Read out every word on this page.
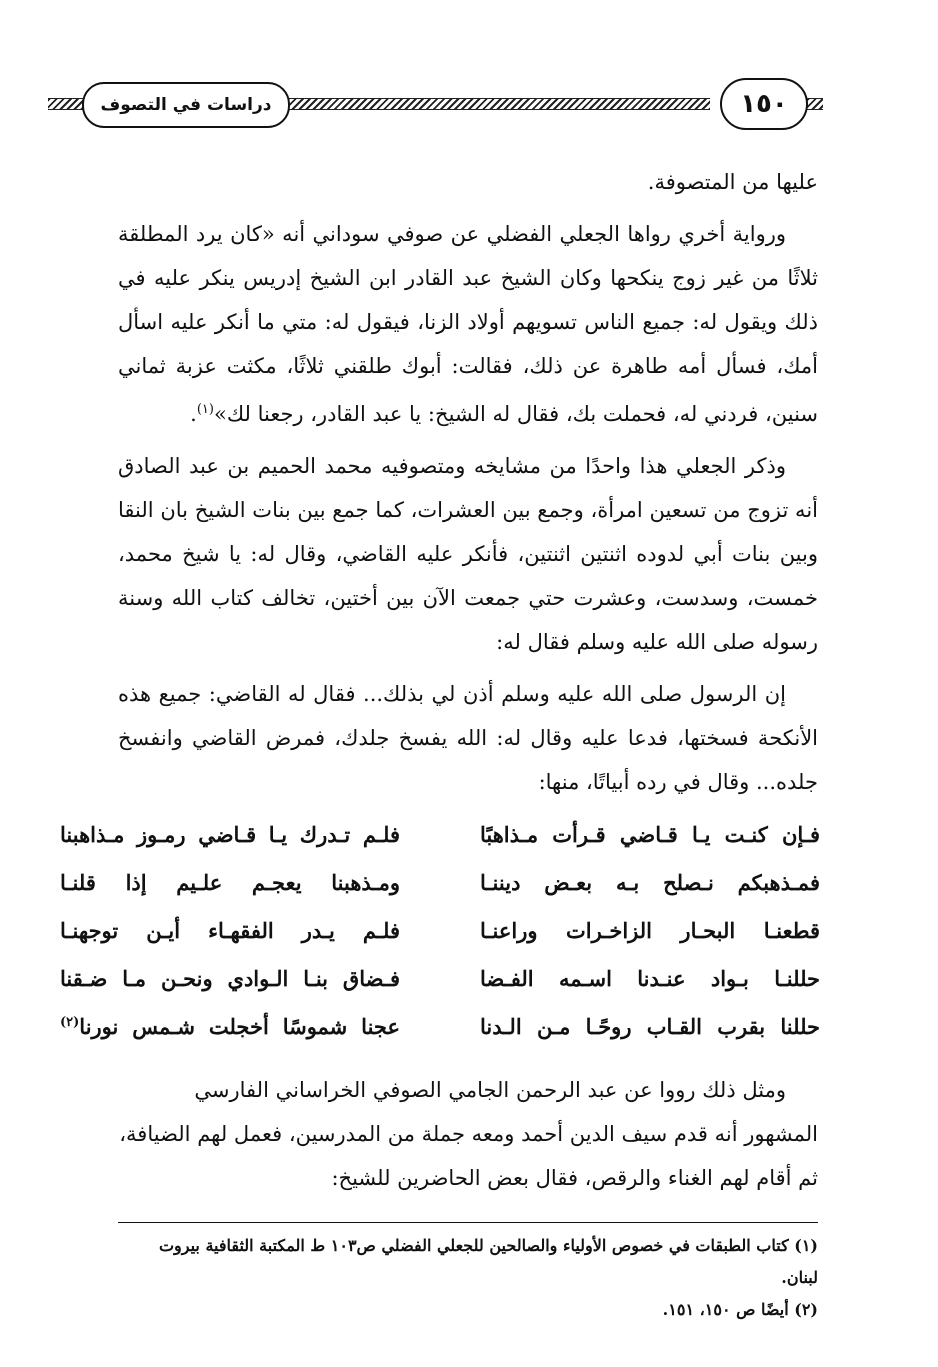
دراسات في التصوف	١٥٠

عليها من المتصوفة.

ورواية أخري رواها الجعلي الفضلي عن صوفي سوداني أنه «كان يرد المطلقة ثلاثًا من غير زوج ينكحها وكان الشيخ عبد القادر ابن الشيخ إدريس ينكر عليه في ذلك ويقول له: جميع الناس تسويهم أولاد الزنا، فيقول له: متي ما أنكر عليه اسأل أمك، فسأل أمه طاهرة عن ذلك، فقالت: أبوك طلقني ثلاثًا، مكثت عزبة ثماني سنين، فردني له، فحملت بك، فقال له الشيخ: يا عبد القادر، رجعنا لك»$^{(١)}$.

وذكر الجعلي هذا واحدًا من مشايخه ومتصوفيه محمد الحميم بن عبد الصادق أنه تزوج من تسعين امرأة، وجمع بين العشرات، كما جمع بين بنات الشيخ بان النقا وبين بنات أبي لدوده اثنتين اثنتين، فأنكر عليه القاضي، وقال له: يا شيخ محمد، خمست، وسدست، وعشرت حتي جمعت الآن بين أختين، تخالف كتاب الله وسنة رسوله صلى الله عليه وسلم فقال له:

إن الرسول صلى الله عليه وسلم أذن لي بذلك... فقال له القاضي: جميع هذه الأنكحة فسختها، فدعا عليه وقال له: الله يفسخ جلدك، فمرض القاضي وانفسخ جلده... وقال في رده أبياتًا، منها:

فـإن كنـت يـا قـاضي قـرأت مـذاهبًا
فلـم تـدرك يـا قـاضي رمـوز مـذاهبنا
فمـذهبكم نـصلح بـه بعـض ديننـا
ومـذهبنا يعجـم علـيم إذا قلنـا
قطعنـا البحـار الزاخـرات وراعنـا
فلـم يـدر الفقهـاء أيـن توجهنـا
حللنـا بـواد عنـدنا اسـمه الفـضا
فـضاق بنـا الـوادي ونحـن مـا ضـقنا
حللنا بقرب القـاب روحًـا مـن الـدنا
عجنا شموسًا أخجلت شـمس نورنا$^{(٢)}$

ومثل ذلك رووا عن عبد الرحمن الجامي الصوفي الخراساني الفارسي المشهور أنه قدم سيف الدين أحمد ومعه جملة من المدرسين، فعمل لهم الضيافة، ثم أقام لهم الغناء والرقص، فقال بعض الحاضرين للشيخ:

(١) كتاب الطبقات في خصوص الأولياء والصالحين للجعلي الفضلي ص١٠٣ ط المكتبة الثقافية بيروت لبنان.

(٢) أيضًا ص ١٥٠، ١٥١.
